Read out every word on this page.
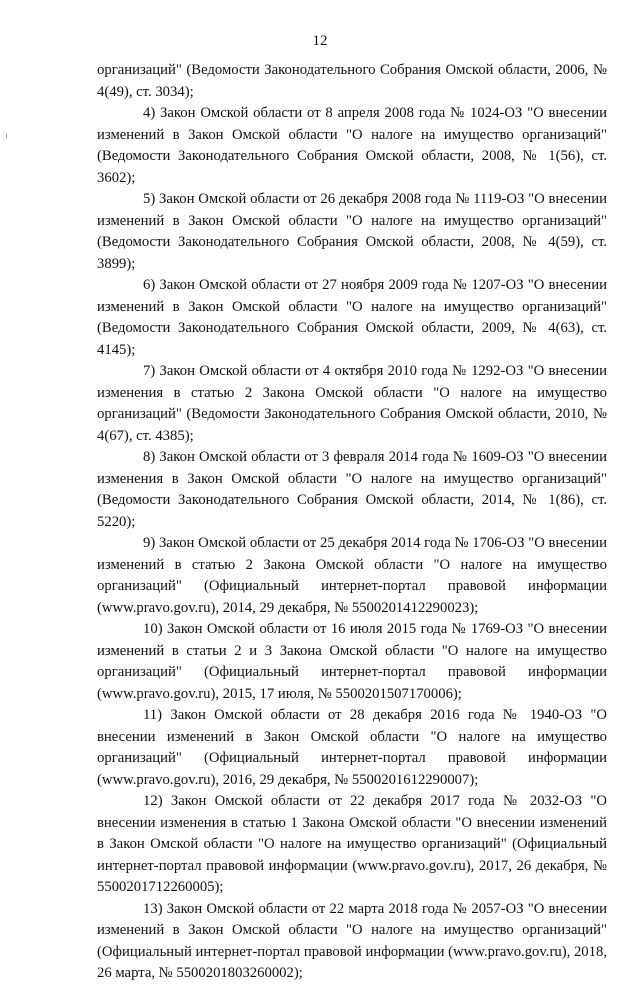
12

организаций" (Ведомости Законодательного Собрания Омской области, 2006, № 4(49), ст. 3034);

4) Закон Омской области от 8 апреля 2008 года № 1024-ОЗ "О внесении изменений в Закон Омской области "О налоге на имущество организаций" (Ведомости Законодательного Собрания Омской области, 2008, № 1(56), ст. 3602);

5) Закон Омской области от 26 декабря 2008 года № 1119-ОЗ "О внесении изменений в Закон Омской области "О налоге на имущество организаций" (Ведомости Законодательного Собрания Омской области, 2008, № 4(59), ст. 3899);

6) Закон Омской области от 27 ноября 2009 года № 1207-ОЗ "О внесении изменений в Закон Омской области "О налоге на имущество организаций" (Ведомости Законодательного Собрания Омской области, 2009, № 4(63), ст. 4145);

7) Закон Омской области от 4 октября 2010 года № 1292-ОЗ "О внесении изменения в статью 2 Закона Омской области "О налоге на имущество организаций" (Ведомости Законодательного Собрания Омской области, 2010, № 4(67), ст. 4385);

8) Закон Омской области от 3 февраля 2014 года № 1609-ОЗ "О внесении изменения в Закон Омской области "О налоге на имущество организаций" (Ведомости Законодательного Собрания Омской области, 2014, № 1(86), ст. 5220);

9) Закон Омской области от 25 декабря 2014 года № 1706-ОЗ "О внесении изменений в статью 2 Закона Омской области "О налоге на имущество организаций" (Официальный интернет-портал правовой информации (www.pravo.gov.ru), 2014, 29 декабря, № 5500201412290023);

10) Закон Омской области от 16 июля 2015 года № 1769-ОЗ "О внесении изменений в статьи 2 и 3 Закона Омской области "О налоге на имущество организаций" (Официальный интернет-портал правовой информации (www.pravo.gov.ru), 2015, 17 июля, № 5500201507170006);

11) Закон Омской области от 28 декабря 2016 года № 1940-ОЗ "О внесении изменений в Закон Омской области "О налоге на имущество организаций" (Официальный интернет-портал правовой информации (www.pravo.gov.ru), 2016, 29 декабря, № 5500201612290007);

12) Закон Омской области от 22 декабря 2017 года № 2032-ОЗ "О внесении изменения в статью 1 Закона Омской области "О внесении изменений в Закон Омской области "О налоге на имущество организаций" (Официальный интернет-портал правовой информации (www.pravo.gov.ru), 2017, 26 декабря, № 5500201712260005);

13) Закон Омской области от 22 марта 2018 года № 2057-ОЗ "О внесении изменений в Закон Омской области "О налоге на имущество организаций" (Официальный интернет-портал правовой информации (www.pravo.gov.ru), 2018, 26 марта, № 5500201803260002);
